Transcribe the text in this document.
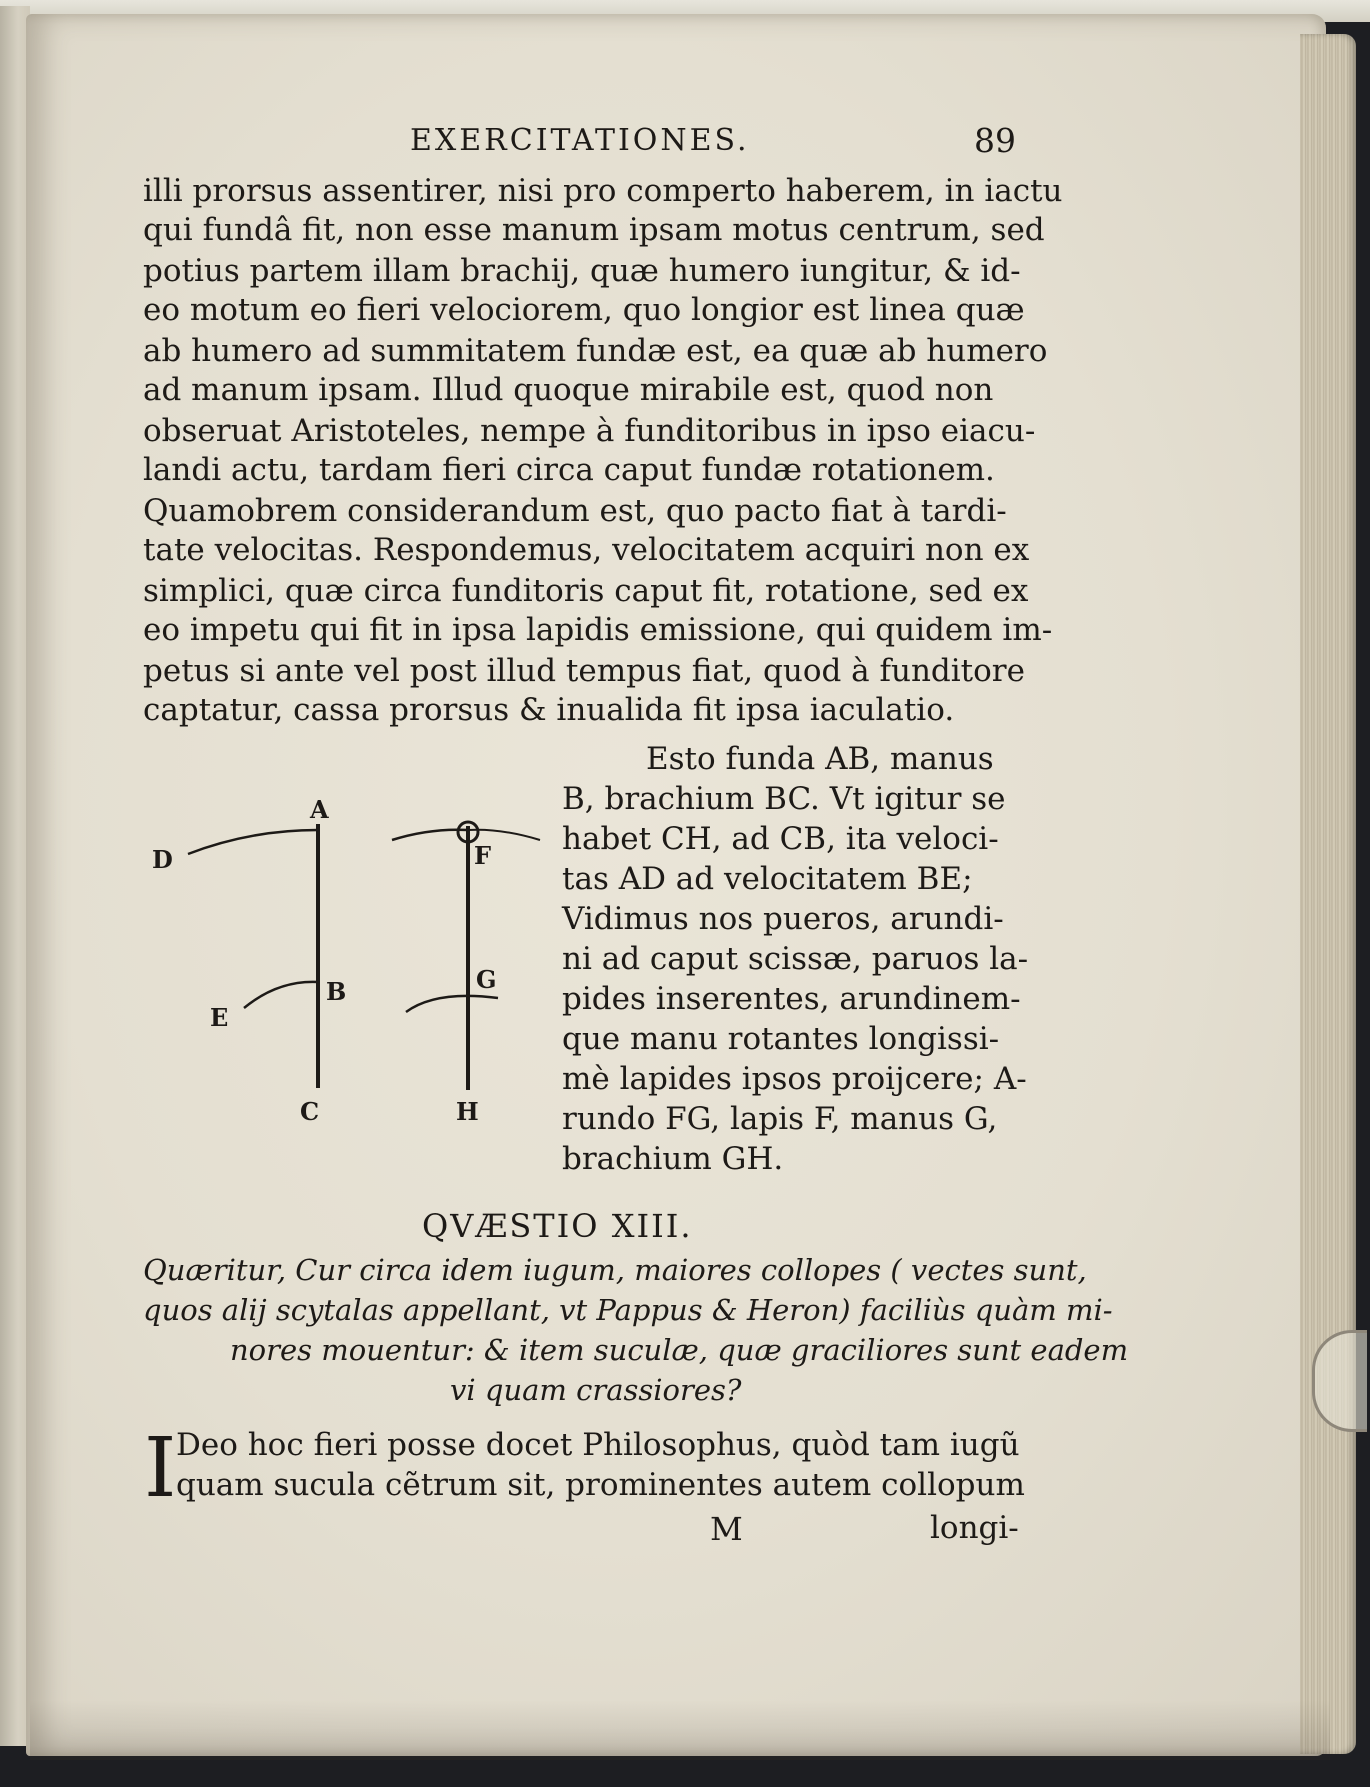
EXERCITATIONES.	89
illi prorsus assentirer, nisi pro comperto haberem, in iactu
qui fundâ fit, non esse manum ipsam motus centrum, sed
potius partem illam brachij, quæ humero iungitur, & id-
eo motum eo fieri velociorem, quo longior est linea quæ
ab humero ad summitatem fundæ est, ea quæ ab humero
ad manum ipsam. Illud quoque mirabile est, quod non
obseruat Aristoteles, nempe à funditoribus in ipso eiacu-
landi actu, tardam fieri circa caput fundæ rotationem.
Quamobrem considerandum est, quo pacto fiat à tardi-
tate velocitas. Respondemus, velocitatem acquiri non ex
simplici, quæ circa funditoris caput fit, rotatione, sed ex
eo impetu qui fit in ipsa lapidis emissione, qui quidem im-
petus si ante vel post illud tempus fiat, quod à funditore
captatur, cassa prorsus & inualida fit ipsa iaculatio.
Esto funda AB, manus
B, brachium BC. Vt igitur se
habet CH, ad CB, ita veloci-
tas AD ad velocitatem BE;
Vidimus nos pueros, arundi-
ni ad caput scissæ, paruos la-
pides inserentes, arundinem-
que manu rotantes longissi-
mè lapides ipsos proijcere; A-
rundo FG, lapis F, manus G,
brachium GH.
A
D
B
E
C
F
G
H
QVÆSTIO XIII.
Quæritur, Cur circa idem iugum, maiores collopes ( vectes sunt,
quos alij scytalas appellant, vt Pappus & Heron) faciliùs quàm mi-
nores mouentur: & item suculæ, quæ graciliores sunt eadem
vi quam crassiores?
I Deo hoc fieri posse docet Philosophus, quòd tam iugũ
quam sucula cẽtrum sit, prominentes autem collopum
M	longi-
